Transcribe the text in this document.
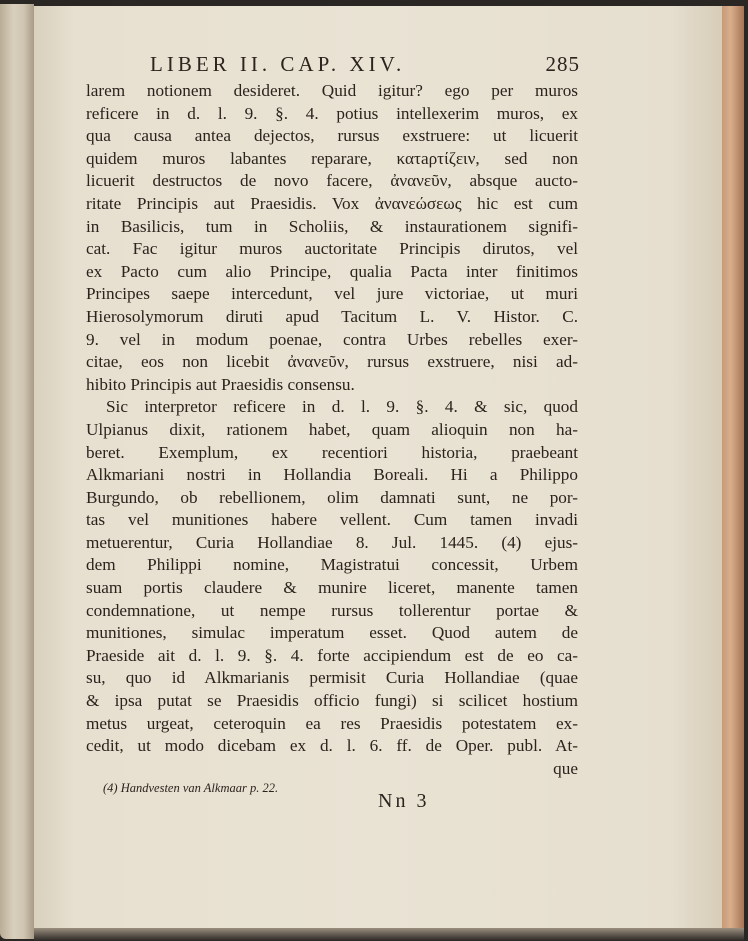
LIBER II. CAP. XIV.	285
larem notionem desideret. Quid igitur? ego per muros
reficere in d. l. 9. §. 4. potius intellexerim muros, ex
qua causa antea dejectos, rursus exstruere: ut licuerit
quidem muros labantes reparare, κατaρτίζειν, sed non
licuerit destructos de novo facere, ἀνανεῦν, absque aucto-
ritate Principis aut Praesidis. Vox ἀνανεώσεως hic est cum
in Basilicis, tum in Scholiis, & instaurationem signifi-
cat. Fac igitur muros auctoritate Principis dirutos, vel
ex Pacto cum alio Principe, qualia Pacta inter finitimos
Principes saepe intercedunt, vel jure victoriae, ut muri
Hierosolymorum diruti apud Tacitum L. V. Histor. C.
9. vel in modum poenae, contra Urbes rebelles exer-
citae, eos non licebit ἀνανεῦν, rursus exstruere, nisi ad-
hibito Principis aut Praesidis consensu.
Sic interpretor reficere in d. l. 9. §. 4. & sic, quod
Ulpianus dixit, rationem habet, quam alioquin non ha-
beret. Exemplum, ex recentiori historia, praebeant
Alkmariani nostri in Hollandia Boreali. Hi a Philippo
Burgundo, ob rebellionem, olim damnati sunt, ne por-
tas vel munitiones habere vellent. Cum tamen invadi
metuerentur, Curia Hollandiae 8. Jul. 1445. (4) ejus-
dem Philippi nomine, Magistratui concessit, Urbem
suam portis claudere & munire liceret, manente tamen
condemnatione, ut nempe rursus tollerentur portae &
munitiones, simulac imperatum esset. Quod autem de
Praeside ait d. l. 9. §. 4. forte accipiendum est de eo ca-
su, quo id Alkmarianis permisit Curia Hollandiae (quae
& ipsa putat se Praesidis officio fungi) si scilicet hostium
metus urgeat, ceteroquin ea res Praesidis potestatem ex-
cedit, ut modo dicebam ex d. l. 6. ff. de Oper. publ. At-
que
(4) Handvesten van Alkmaar p. 22.
Nn 3
